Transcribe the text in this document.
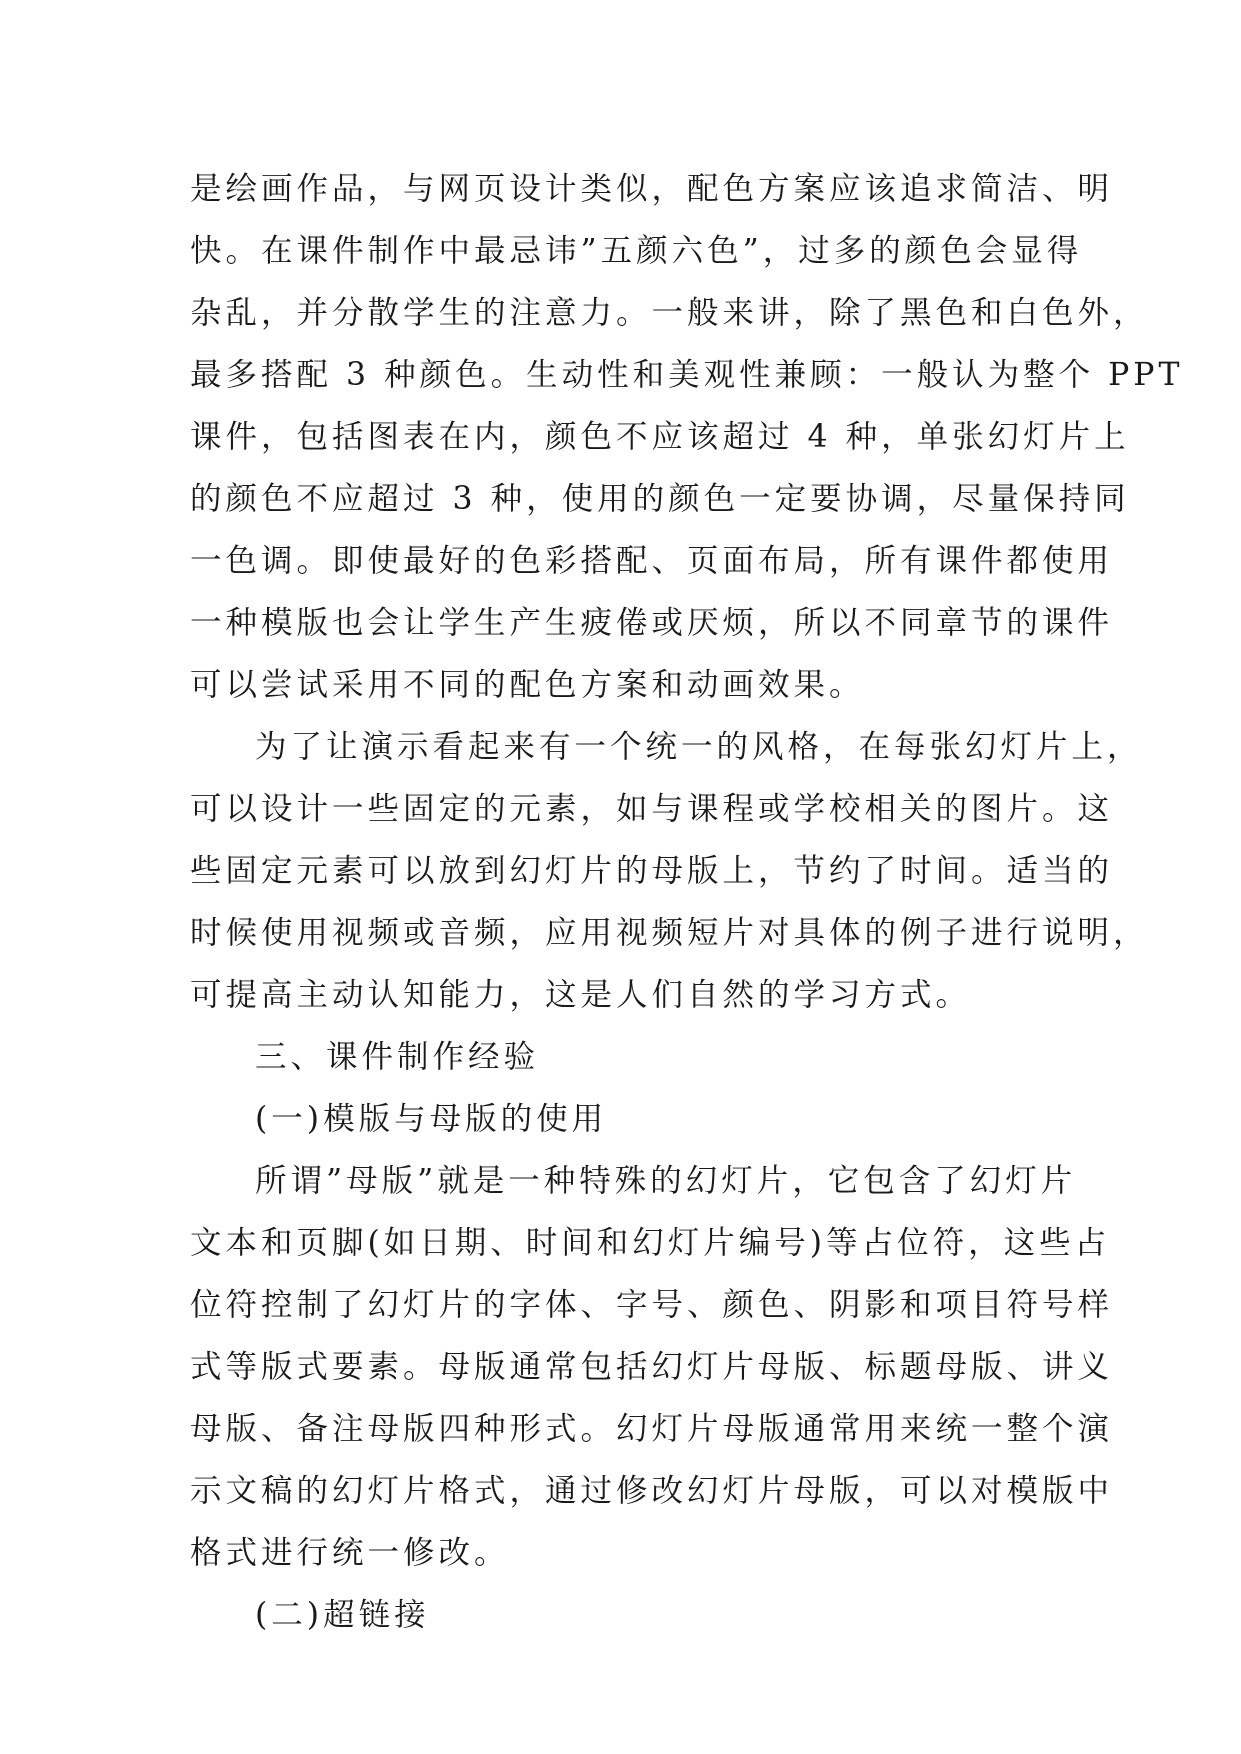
是绘画作品，与网页设计类似，配色方案应该追求简洁、明
快。在课件制作中最忌讳”五颜六色”，过多的颜色会显得
杂乱，并分散学生的注意力。一般来讲，除了黑色和白色外，
最多搭配 3 种颜色。生动性和美观性兼顾：一般认为整个 PPT
课件，包括图表在内，颜色不应该超过 4 种，单张幻灯片上
的颜色不应超过 3 种，使用的颜色一定要协调，尽量保持同
一色调。即使最好的色彩搭配、页面布局，所有课件都使用
一种模版也会让学生产生疲倦或厌烦，所以不同章节的课件
可以尝试采用不同的配色方案和动画效果。
为了让演示看起来有一个统一的风格，在每张幻灯片上，
可以设计一些固定的元素，如与课程或学校相关的图片。这
些固定元素可以放到幻灯片的母版上，节约了时间。适当的
时候使用视频或音频，应用视频短片对具体的例子进行说明，
可提高主动认知能力，这是人们自然的学习方式。
三、课件制作经验
(一)模版与母版的使用
所谓”母版”就是一种特殊的幻灯片，它包含了幻灯片
文本和页脚(如日期、时间和幻灯片编号)等占位符，这些占
位符控制了幻灯片的字体、字号、颜色、阴影和项目符号样
式等版式要素。母版通常包括幻灯片母版、标题母版、讲义
母版、备注母版四种形式。幻灯片母版通常用来统一整个演
示文稿的幻灯片格式，通过修改幻灯片母版，可以对模版中
格式进行统一修改。
(二)超链接
